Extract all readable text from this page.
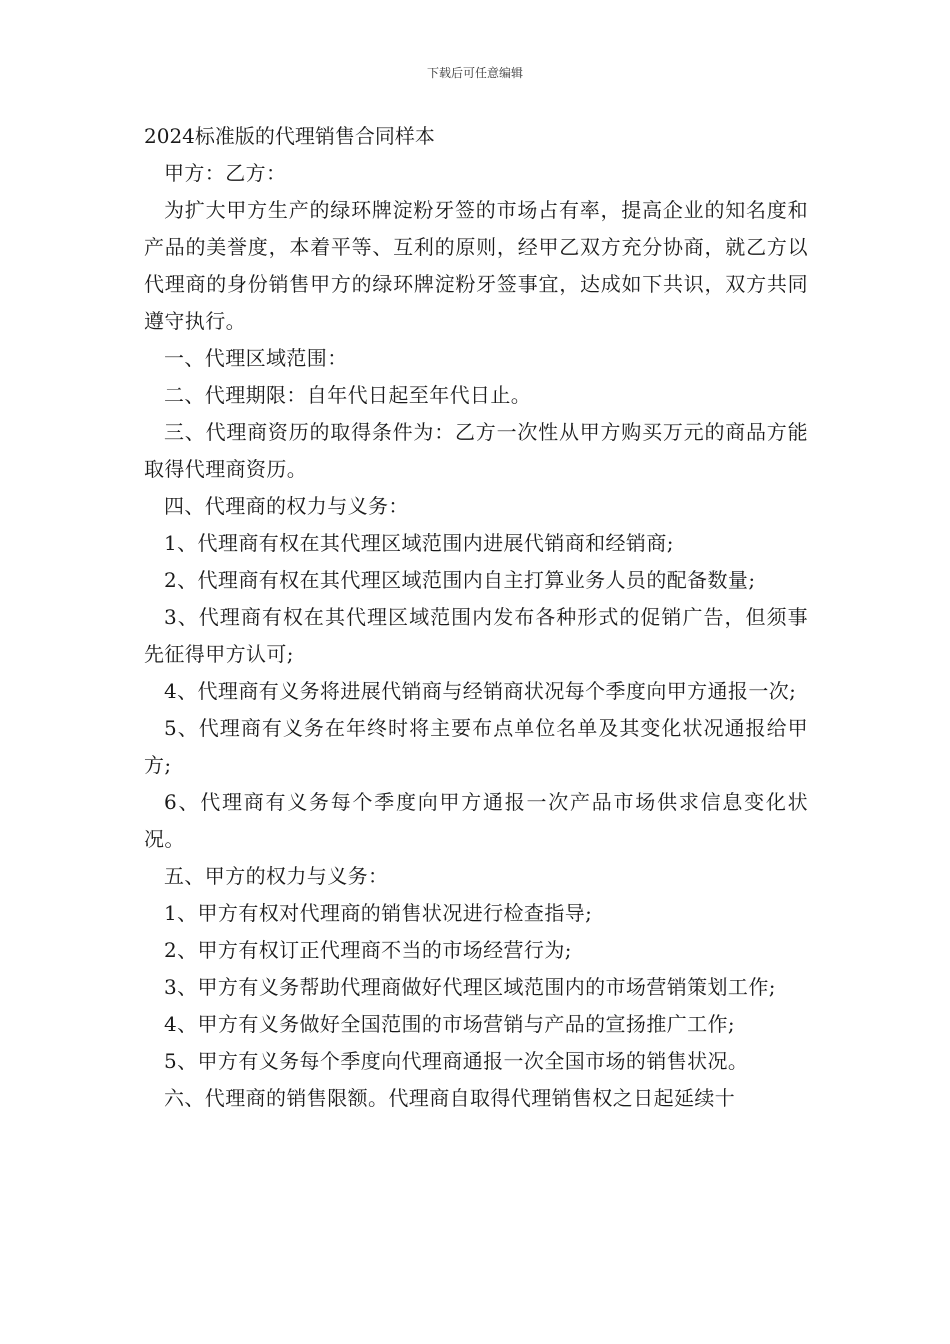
下载后可任意编辑

2024标准版的代理销售合同样本

甲方：乙方：

为扩大甲方生产的绿环牌淀粉牙签的市场占有率，提高企业的知名度和产品的美誉度，本着平等、互利的原则，经甲乙双方充分协商，就乙方以代理商的身份销售甲方的绿环牌淀粉牙签事宜，达成如下共识，双方共同遵守执行。

一、代理区域范围：

二、代理期限：自年代日起至年代日止。

三、代理商资历的取得条件为：乙方一次性从甲方购买万元的商品方能取得代理商资历。

四、代理商的权力与义务：

1、代理商有权在其代理区域范围内进展代销商和经销商;

2、代理商有权在其代理区域范围内自主打算业务人员的配备数量;

3、代理商有权在其代理区域范围内发布各种形式的促销广告，但须事先征得甲方认可;

4、代理商有义务将进展代销商与经销商状况每个季度向甲方通报一次;

5、代理商有义务在年终时将主要布点单位名单及其变化状况通报给甲方;

6、代理商有义务每个季度向甲方通报一次产品市场供求信息变化状况。

五、甲方的权力与义务：

1、甲方有权对代理商的销售状况进行检查指导;

2、甲方有权订正代理商不当的市场经营行为;

3、甲方有义务帮助代理商做好代理区域范围内的市场营销策划工作;

4、甲方有义务做好全国范围的市场营销与产品的宣扬推广工作;

5、甲方有义务每个季度向代理商通报一次全国市场的销售状况。

六、代理商的销售限额。代理商自取得代理销售权之日起延续十
